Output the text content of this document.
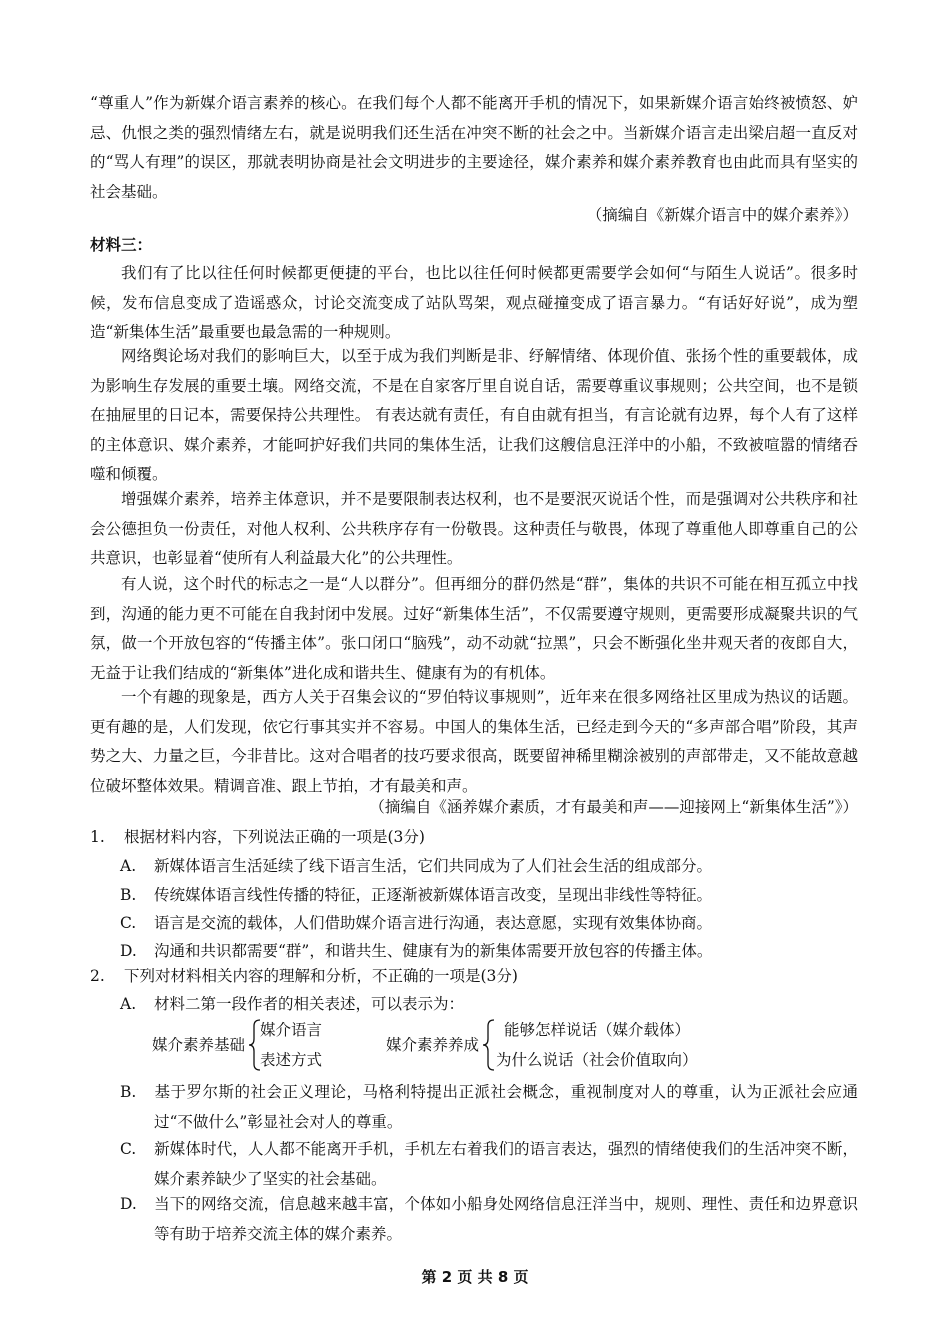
“尊重人”作为新媒介语言素养的核心。在我们每个人都不能离开手机的情况下，如果新媒介语言始终被愤怒、妒忌、仇恨之类的强烈情绪左右，就是说明我们还生活在冲突不断的社会之中。当新媒介语言走出梁启超一直反对的“骂人有理”的误区，那就表明协商是社会文明进步的主要途径，媒介素养和媒介素养教育也由此而具有坚实的社会基础。
（摘编自《新媒介语言中的媒介素养》）
材料三：
我们有了比以往任何时候都更便捷的平台，也比以往任何时候都更需要学会如何“与陌生人说话”。很多时候，发布信息变成了造谣惑众，讨论交流变成了站队骂架，观点碰撞变成了语言暴力。“有话好好说”，成为塑造“新集体生活”最重要也最急需的一种规则。
网络舆论场对我们的影响巨大，以至于成为我们判断是非、纾解情绪、体现价值、张扬个性的重要载体，成为影响生存发展的重要土壤。网络交流，不是在自家客厅里自说自话，需要尊重议事规则；公共空间，也不是锁在抽屉里的日记本，需要保持公共理性。 有表达就有责任，有自由就有担当，有言论就有边界，每个人有了这样的主体意识、媒介素养，才能呵护好我们共同的集体生活，让我们这艘信息汪洋中的小船，不致被喧嚣的情绪吞噬和倾覆。
增强媒介素养，培养主体意识，并不是要限制表达权利，也不是要泯灭说话个性，而是强调对公共秩序和社会公德担负一份责任，对他人权利、公共秩序存有一份敬畏。这种责任与敬畏，体现了尊重他人即尊重自己的公共意识，也彰显着“使所有人利益最大化”的公共理性。
有人说，这个时代的标志之一是“人以群分”。但再细分的群仍然是“群”，集体的共识不可能在相互孤立中找到，沟通的能力更不可能在自我封闭中发展。过好“新集体生活”，不仅需要遵守规则，更需要形成凝聚共识的气氛，做一个开放包容的“传播主体”。张口闭口“脑残”，动不动就“拉黑”，只会不断强化坐井观天者的夜郎自大，无益于让我们结成的“新集体”进化成和谐共生、健康有为的有机体。
一个有趣的现象是，西方人关于召集会议的“罗伯特议事规则”，近年来在很多网络社区里成为热议的话题。更有趣的是，人们发现，依它行事其实并不容易。中国人的集体生活，已经走到今天的“多声部合唱”阶段，其声势之大、力量之巨，今非昔比。这对合唱者的技巧要求很高，既要留神稀里糊涂被别的声部带走，又不能故意越位破坏整体效果。精调音准、跟上节拍，才有最美和声。
（摘编自《涵养媒介素质，才有最美和声——迎接网上“新集体生活”》）
1. 根据材料内容，下列说法正确的一项是(3分)
A. 新媒体语言生活延续了线下语言生活，它们共同成为了人们社会生活的组成部分。
B. 传统媒体语言线性传播的特征，正逐渐被新媒体语言改变，呈现出非线性等特征。
C. 语言是交流的载体，人们借助媒介语言进行沟通，表达意愿，实现有效集体协商。
D. 沟通和共识都需要“群”，和谐共生、健康有为的新集体需要开放包容的传播主体。
2. 下列对材料相关内容的理解和分析，不正确的一项是(3分)
A. 材料二第一段作者的相关表述，可以表示为：
媒介素养基础
媒介语言
表述方式
媒介素养养成
能够怎样说话（媒介载体）
为什么说话（社会价值取向）
B. 基于罗尔斯的社会正义理论，马格利特提出正派社会概念，重视制度对人的尊重，认为正派社会应通过“不做什么”彰显社会对人的尊重。
C. 新媒体时代，人人都不能离开手机，手机左右着我们的语言表达，强烈的情绪使我们的生活冲突不断，媒介素养缺少了坚实的社会基础。
D. 当下的网络交流，信息越来越丰富，个体如小船身处网络信息汪洋当中，规则、理性、责任和边界意识等有助于培养交流主体的媒介素养。
第 2 页 共 8 页
